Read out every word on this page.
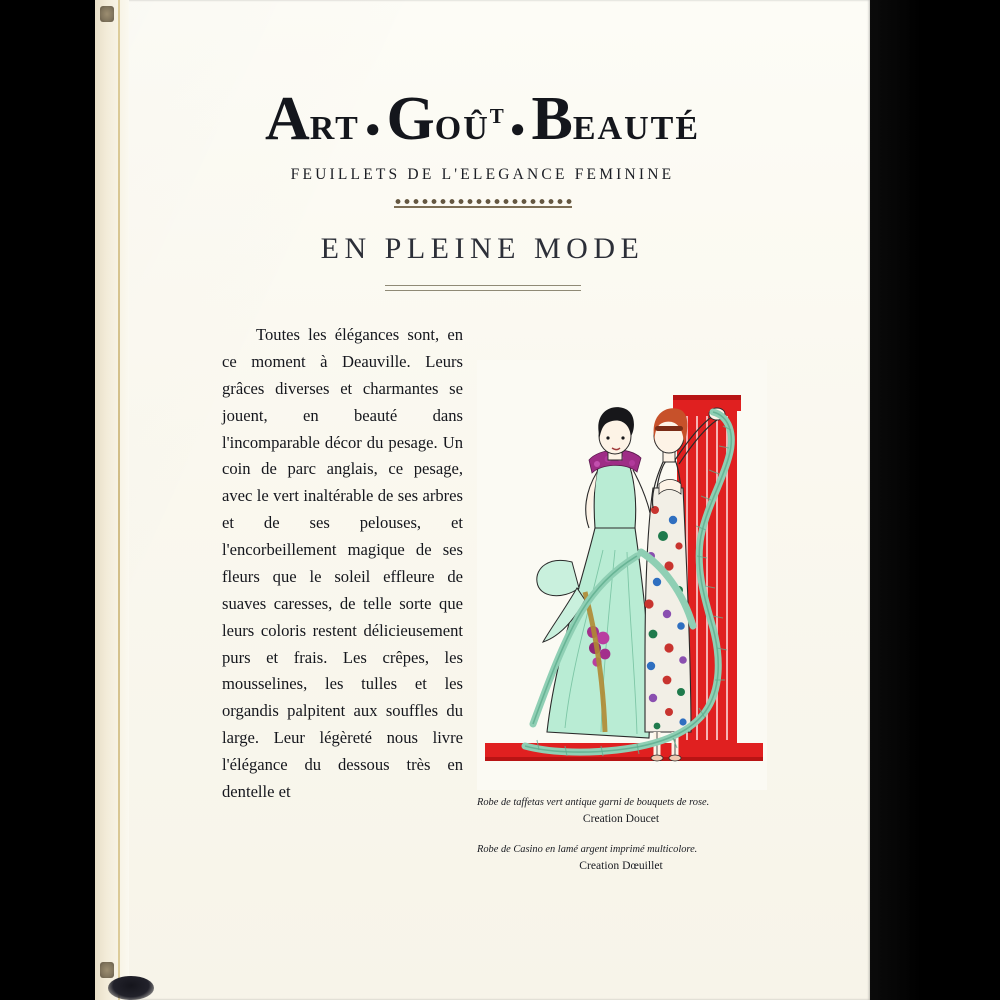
ART $●GOÛ^T$ ●BEAUTÉ
FEUILLETS DE L'ELEGANCE FEMININE
EN PLEINE MODE
Robe de taffetas vert antique garni de bouquets de rose.
Creation Doucet
Robe de Casino en lamé argent imprimé multicolore.
Creation Dœuillet

Toutes les élégances sont, en ce moment à Deauville. Leurs grâces diverses et charmantes se jouent, en beauté dans l'incomparable décor du pesage. Un coin de parc anglais, ce pesage, avec le vert inaltérable de ses arbres et de ses pelouses, et l'encorbeillement magique de ses fleurs que le soleil effleure de suaves caresses, de telle sorte que leurs coloris restent délicieusement purs et frais. Les crêpes, les mousselines, les tulles et les organdis palpitent aux souffles du large. Leur légèreté nous livre l'élégance du dessous très en dentelle et
